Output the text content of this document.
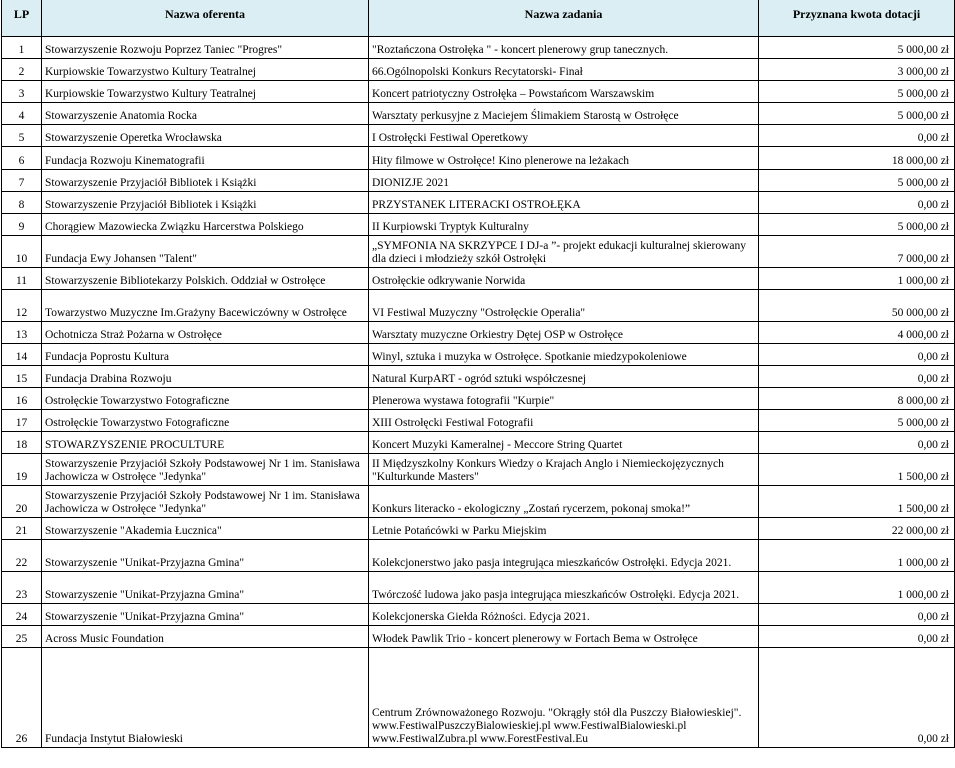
LP	Nazwa oferenta	Nazwa zadania	Przyznana kwota dotacji
1	Stowarzyszenie Rozwoju Poprzez Taniec "Progres"	"Roztańczona Ostrołęka " - koncert plenerowy grup tanecznych.	5 000,00 zł
2	Kurpiowskie Towarzystwo Kultury Teatralnej	66.Ogólnopolski Konkurs Recytatorski- Finał	3 000,00 zł
3	Kurpiowskie Towarzystwo Kultury Teatralnej	Koncert patriotyczny Ostrołęka – Powstańcom Warszawskim	5 000,00 zł
4	Stowarzyszenie Anatomia Rocka	Warsztaty perkusyjne z Maciejem Ślimakiem Starostą w Ostrołęce	5 000,00 zł
5	Stowarzyszenie Operetka Wrocławska	I Ostrołęcki Festiwal Operetkowy	0,00 zł
6	Fundacja Rozwoju Kinematografii	Hity filmowe w Ostrołęce! Kino plenerowe na leżakach	18 000,00 zł
7	Stowarzyszenie Przyjaciół Bibliotek i Książki	DIONIZJE 2021	5 000,00 zł
8	Stowarzyszenie Przyjaciół Bibliotek i Książki	PRZYSTANEK LITERACKI OSTROŁĘKA	0,00 zł
9	Chorągiew Mazowiecka Związku Harcerstwa Polskiego	II Kurpiowski Tryptyk Kulturalny	5 000,00 zł
10	Fundacja Ewy Johansen "Talent"	„SYMFONIA NA SKRZYPCE I DJ-a ”- projekt edukacji kulturalnej skierowany dla dzieci i młodzieży szkół Ostrołęki	7 000,00 zł
11	Stowarzyszenie Bibliotekarzy Polskich. Oddział w Ostrołęce	Ostrołęckie odkrywanie Norwida	1 000,00 zł
12	Towarzystwo Muzyczne Im.Grażyny Bacewiczówny w Ostrołęce	VI Festiwal Muzyczny "Ostrołęckie Operalia"	50 000,00 zł
13	Ochotnicza Straż Pożarna w Ostrołęce	Warsztaty muzyczne Orkiestry Dętej OSP w Ostrołęce	4 000,00 zł
14	Fundacja Poprostu Kultura	Winyl, sztuka i muzyka w Ostrołęce. Spotkanie miedzypokoleniowe	0,00 zł
15	Fundacja Drabina Rozwoju	Natural KurpART - ogród sztuki współczesnej	0,00 zł
16	Ostrołęckie Towarzystwo Fotograficzne	Plenerowa wystawa fotografii "Kurpie"	8 000,00 zł
17	Ostrołęckie Towarzystwo Fotograficzne	XIII Ostrołęcki Festiwal Fotografii	5 000,00 zł
18	STOWARZYSZENIE PROCULTURE	Koncert Muzyki Kameralnej - Meccore String Quartet	0,00 zł
19	Stowarzyszenie Przyjaciół Szkoły Podstawowej Nr 1 im. Stanisława Jachowicza w Ostrołęce "Jedynka"	II Międzyszkolny Konkurs Wiedzy o Krajach Anglo i Niemieckojęzycznych "Kulturkunde Masters"	1 500,00 zł
20	Stowarzyszenie Przyjaciół Szkoły Podstawowej Nr 1 im. Stanisława Jachowicza w Ostrołęce "Jedynka"	Konkurs literacko - ekologiczny „Zostań rycerzem, pokonaj smoka!”	1 500,00 zł
21	Stowarzyszenie "Akademia Łucznica"	Letnie Potańcówki w Parku Miejskim	22 000,00 zł
22	Stowarzyszenie "Unikat-Przyjazna Gmina"	Kolekcjonerstwo jako pasja integrująca mieszkańców Ostrołęki. Edycja 2021.	1 000,00 zł
23	Stowarzyszenie "Unikat-Przyjazna Gmina"	Twórczość ludowa jako pasja integrująca mieszkańców Ostrołęki. Edycja 2021.	1 000,00 zł
24	Stowarzyszenie "Unikat-Przyjazna Gmina"	Kolekcjonerska Giełda Różności. Edycja 2021.	0,00 zł
25	Across Music Foundation	Włodek Pawlik Trio - koncert plenerowy w Fortach Bema w Ostrołęce	0,00 zł
26	Fundacja Instytut Białowieski	Centrum Zrównoważonego Rozwoju. "Okrągły stół dla Puszczy Białowieskiej". www.FestiwalPuszczyBialowieskiej.pl www.FestiwalBialowieski.pl www.FestiwalZubra.pl www.ForestFestival.Eu	0,00 zł
